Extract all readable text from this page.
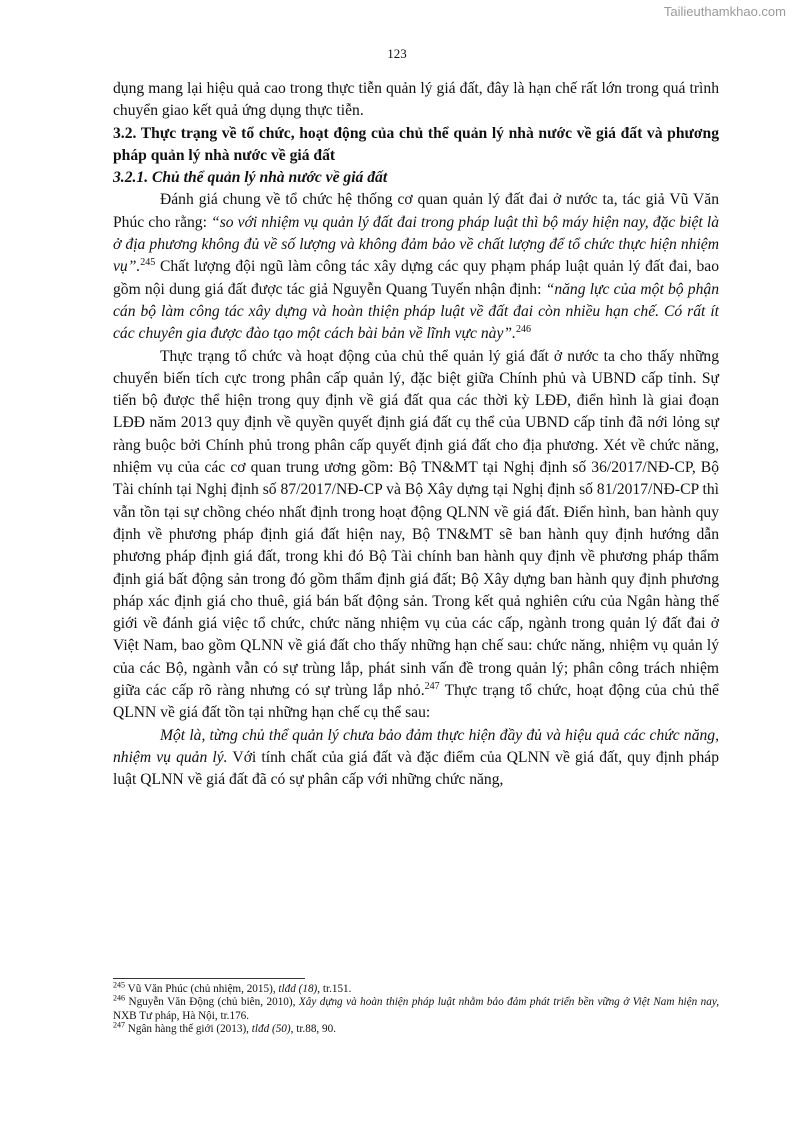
Tailieuthamkhao.com
123

dụng mang lại hiệu quả cao trong thực tiễn quản lý giá đất, đây là hạn chế rất lớn trong quá trình chuyển giao kết quả ứng dụng thực tiễn.

3.2. Thực trạng về tổ chức, hoạt động của chủ thể quản lý nhà nước về giá đất và phương pháp quản lý nhà nước về giá đất

3.2.1. Chủ thể quản lý nhà nước về giá đất

Đánh giá chung về tổ chức hệ thống cơ quan quản lý đất đai ở nước ta, tác giả Vũ Văn Phúc cho rằng: “so với nhiệm vụ quản lý đất đai trong pháp luật thì bộ máy hiện nay, đặc biệt là ở địa phương không đủ về số lượng và không đảm bảo về chất lượng để tổ chức thực hiện nhiệm vụ”.$^{245}$ Chất lượng đội ngũ làm công tác xây dựng các quy phạm pháp luật quản lý đất đai, bao gồm nội dung giá đất được tác giả Nguyễn Quang Tuyến nhận định: “năng lực của một bộ phận cán bộ làm công tác xây dựng và hoàn thiện pháp luật về đất đai còn nhiều hạn chế. Có rất ít các chuyên gia được đào tạo một cách bài bản về lĩnh vực này”.$^{246}$

Thực trạng tổ chức và hoạt động của chủ thể quản lý giá đất ở nước ta cho thấy những chuyển biến tích cực trong phân cấp quản lý, đặc biệt giữa Chính phủ và UBND cấp tỉnh. Sự tiến bộ được thể hiện trong quy định về giá đất qua các thời kỳ LĐĐ, điển hình là giai đoạn LĐĐ năm 2013 quy định về quyền quyết định giá đất cụ thể của UBND cấp tỉnh đã nới lỏng sự ràng buộc bởi Chính phủ trong phân cấp quyết định giá đất cho địa phương. Xét về chức năng, nhiệm vụ của các cơ quan trung ương gồm: Bộ TN&MT tại Nghị định số 36/2017/NĐ-CP, Bộ Tài chính tại Nghị định số 87/2017/NĐ-CP và Bộ Xây dựng tại Nghị định số 81/2017/NĐ-CP thì vẫn tồn tại sự chồng chéo nhất định trong hoạt động QLNN về giá đất. Điển hình, ban hành quy định về phương pháp định giá đất hiện nay, Bộ TN&MT sẽ ban hành quy định hướng dẫn phương pháp định giá đất, trong khi đó Bộ Tài chính ban hành quy định về phương pháp thẩm định giá bất động sản trong đó gồm thẩm định giá đất; Bộ Xây dựng ban hành quy định phương pháp xác định giá cho thuê, giá bán bất động sản. Trong kết quả nghiên cứu của Ngân hàng thế giới về đánh giá việc tổ chức, chức năng nhiệm vụ của các cấp, ngành trong quản lý đất đai ở Việt Nam, bao gồm QLNN về giá đất cho thấy những hạn chế sau: chức năng, nhiệm vụ quản lý của các Bộ, ngành vẫn có sự trùng lắp, phát sinh vấn đề trong quản lý; phân công trách nhiệm giữa các cấp rõ ràng nhưng có sự trùng lắp nhỏ.$^{247}$ Thực trạng tổ chức, hoạt động của chủ thể QLNN về giá đất tồn tại những hạn chế cụ thể sau:

Một là, từng chủ thể quản lý chưa bảo đảm thực hiện đầy đủ và hiệu quả các chức năng, nhiệm vụ quản lý. Với tính chất của giá đất và đặc điểm của QLNN về giá đất, quy định pháp luật QLNN về giá đất đã có sự phân cấp với những chức năng,

$^{245}$ Vũ Văn Phúc (chủ nhiệm, 2015), tlđd (18), tr.151.

$^{246}$ Nguyễn Văn Động (chủ biên, 2010), Xây dựng và hoàn thiện pháp luật nhằm bảo đảm phát triển bền vững ở Việt Nam hiện nay, NXB Tư pháp, Hà Nội, tr.176.

$^{247}$ Ngân hàng thế giới (2013), tlđd (50), tr.88, 90.
